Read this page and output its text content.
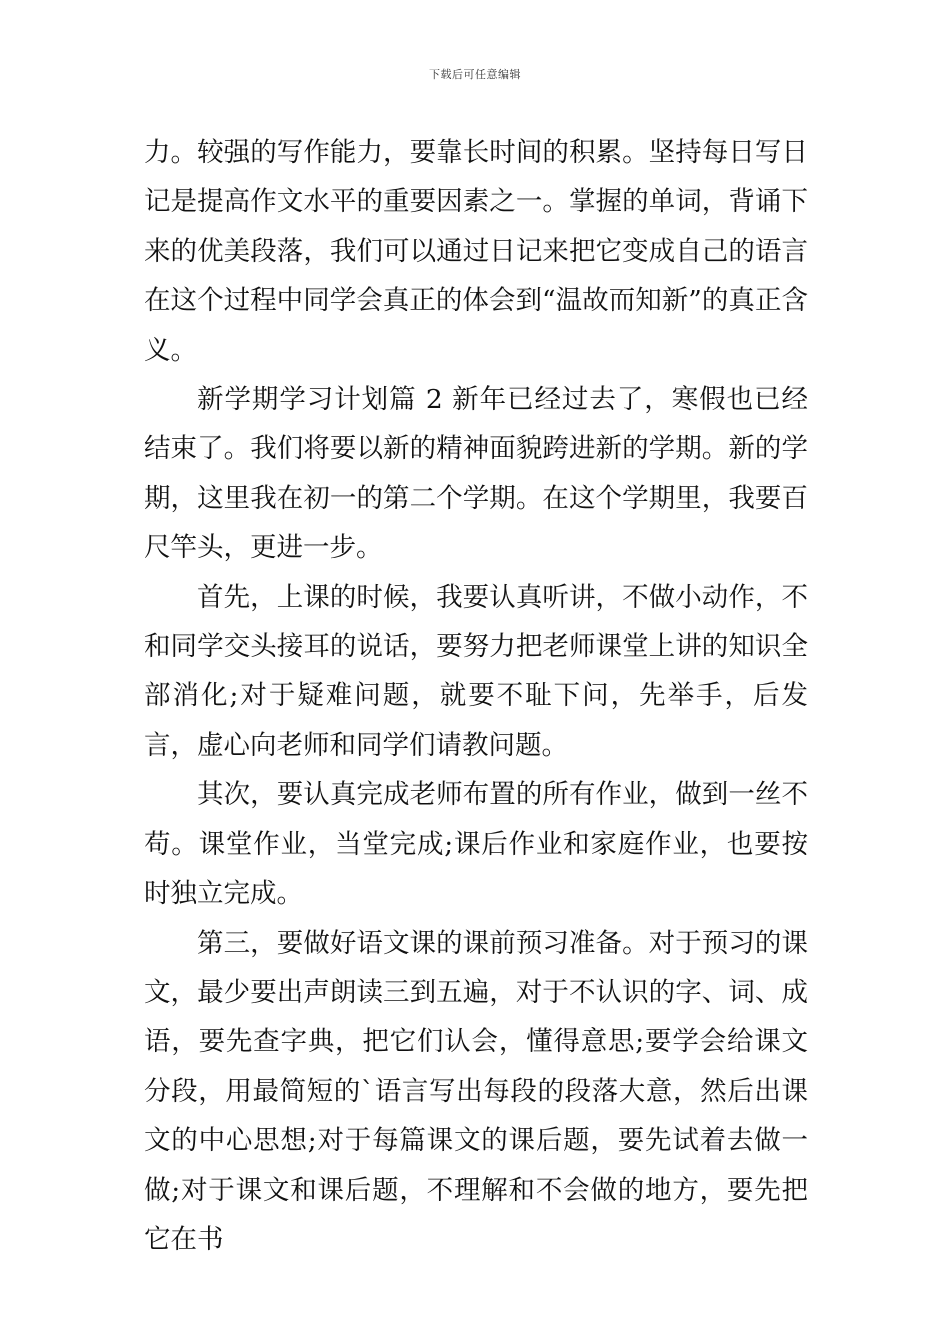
下载后可任意编辑

力。较强的写作能力，要靠长时间的积累。坚持每日写日记是提高作文水平的重要因素之一。掌握的单词，背诵下来的优美段落，我们可以通过日记来把它变成自己的语言在这个过程中同学会真正的体会到“温故而知新”的真正含义。

新学期学习计划篇 2 新年已经过去了，寒假也已经结束了。我们将要以新的精神面貌跨进新的学期。新的学期，这里我在初一的第二个学期。在这个学期里，我要百尺竿头，更进一步。

首先，上课的时候，我要认真听讲，不做小动作，不和同学交头接耳的说话，要努力把老师课堂上讲的知识全部消化;对于疑难问题，就要不耻下问，先举手，后发言，虚心向老师和同学们请教问题。

其次，要认真完成老师布置的所有作业，做到一丝不苟。课堂作业，当堂完成;课后作业和家庭作业，也要按时独立完成。

第三，要做好语文课的课前预习准备。对于预习的课文，最少要出声朗读三到五遍，对于不认识的字、词、成语，要先查字典，把它们认会，懂得意思;要学会给课文分段，用最简短的`语言写出每段的段落大意，然后出课文的中心思想;对于每篇课文的课后题，要先试着去做一做;对于课文和课后题，不理解和不会做的地方，要先把它在书
